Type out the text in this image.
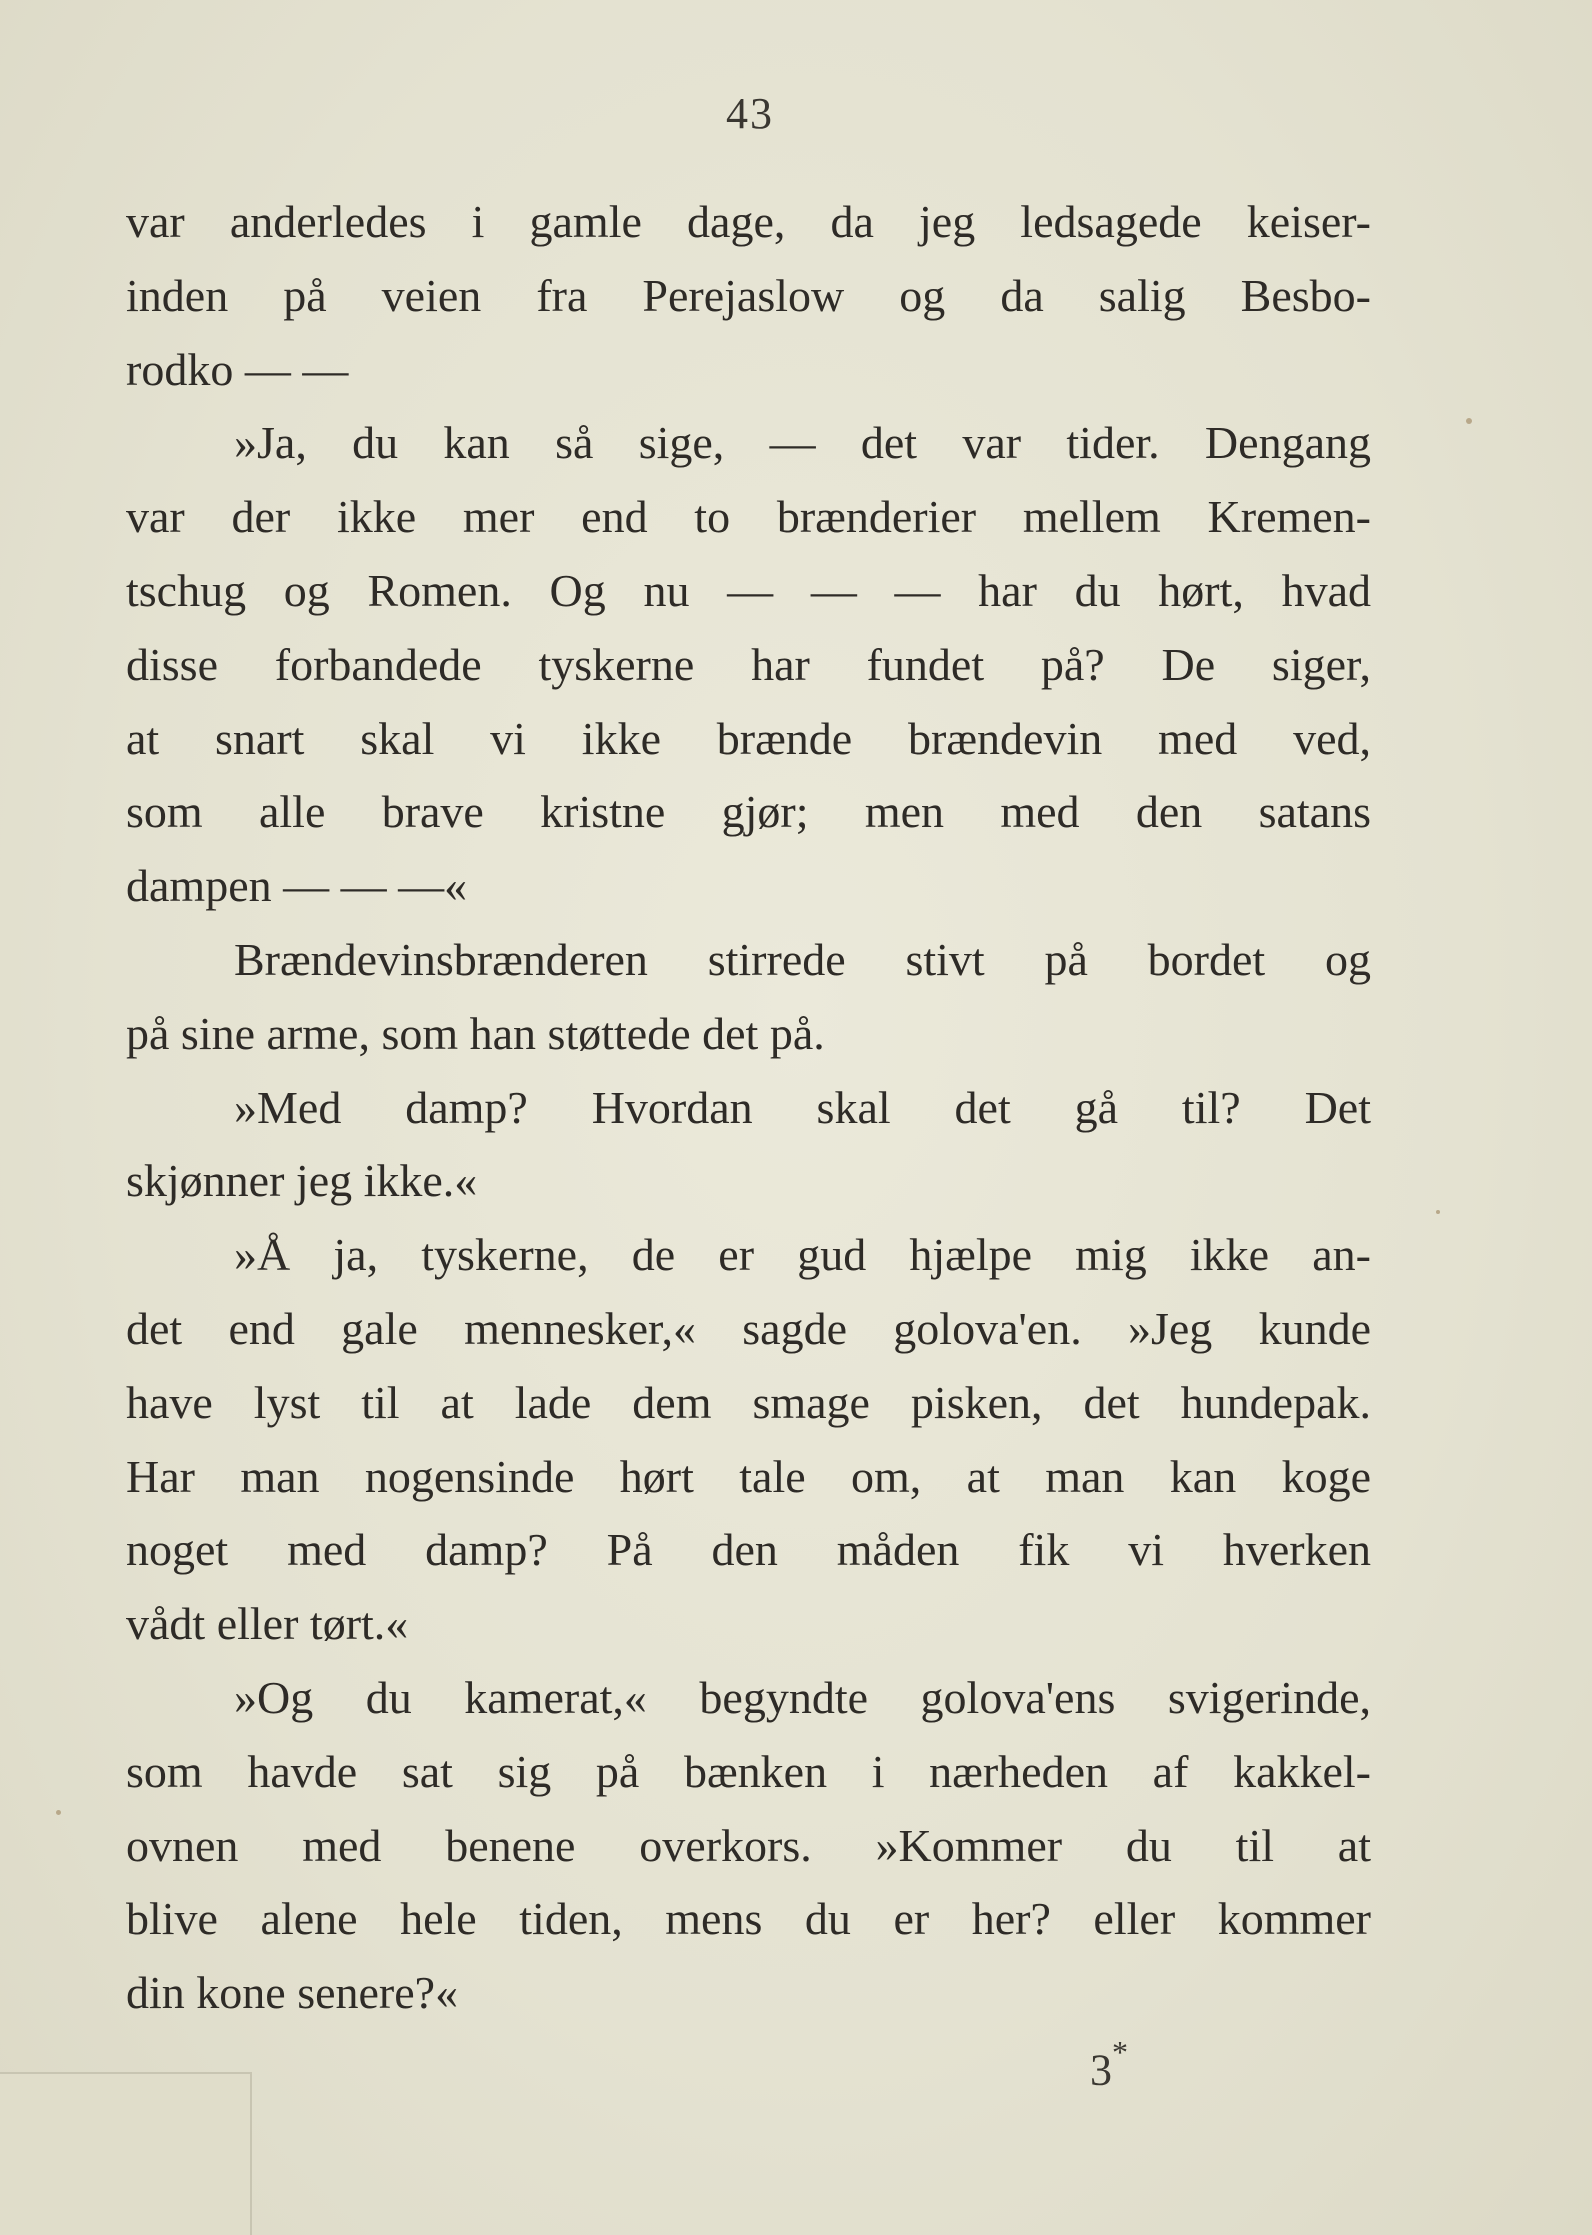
43
var anderledes i gamle dage, da jeg ledsagede keiser-
inden på veien fra Perejaslow og da salig Besbo-
rodko — —
»Ja, du kan så sige, — det var tider. Dengang
var der ikke mer end to brænderier mellem Kremen-
tschug og Romen. Og nu — — — har du hørt, hvad
disse forbandede tyskerne har fundet på? De siger,
at snart skal vi ikke brænde brændevin med ved,
som alle brave kristne gjør; men med den satans
dampen — — —«
Brændevinsbrænderen stirrede stivt på bordet og
på sine arme, som han støttede det på.
»Med damp? Hvordan skal det gå til? Det
skjønner jeg ikke.«
»Å ja, tyskerne, de er gud hjælpe mig ikke an-
det end gale mennesker,« sagde golova'en. »Jeg kunde
have lyst til at lade dem smage pisken, det hundepak.
Har man nogensinde hørt tale om, at man kan koge
noget med damp? På den måden fik vi hverken
vådt eller tørt.«
»Og du kamerat,« begyndte golova'ens svigerinde,
som havde sat sig på bænken i nærheden af kakkel-
ovnen med benene overkors. »Kommer du til at
blive alene hele tiden, mens du er her? eller kommer
din kone senere?«
3*
